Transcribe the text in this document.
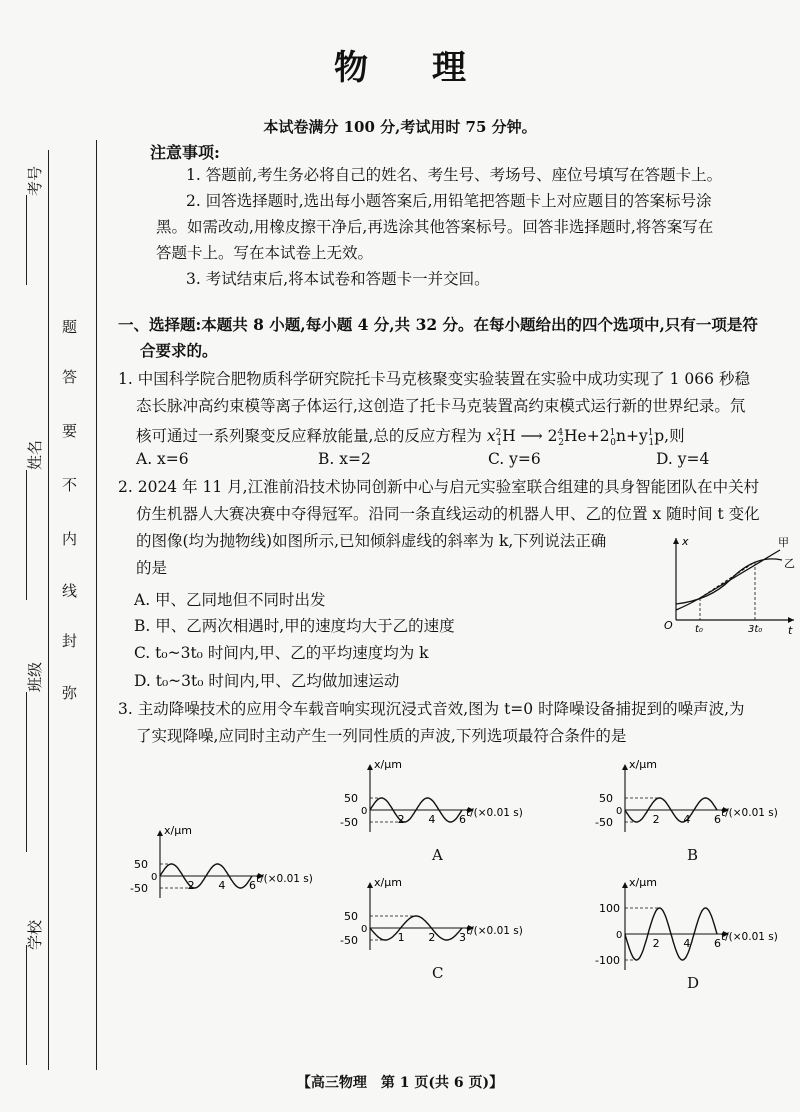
考号
姓名
班级
学校
题
答
要
不
内
线
封
弥
物 理
本试卷满分 100 分,考试用时 75 分钟。
注意事项:
1. 答题前,考生务必将自己的姓名、考生号、考场号、座位号填写在答题卡上。
2. 回答选择题时,选出每小题答案后,用铅笔把答题卡上对应题目的答案标号涂
黑。如需改动,用橡皮擦干净后,再选涂其他答案标号。回答非选择题时,将答案写在
答题卡上。写在本试卷上无效。
3. 考试结束后,将本试卷和答题卡一并交回。
一、选择题:本题共 8 小题,每小题 4 分,共 32 分。在每小题给出的四个选项中,只有一项是符
合要求的。
1. 中国科学院合肥物质科学研究院托卡马克核聚变实验装置在实验中成功实现了 1 066 秒稳
态长脉冲高约束模等离子体运行,这创造了托卡马克装置高约束模式运行新的世界纪录。氘
核可通过一系列聚变反应释放能量,总的反应方程为 $x^2_1H$ ⟶ $2^4_2He+2^1_0n+y^1_1p$,则
A. x=6	B. x=2	C. y=6	D. y=4
2. 2024 年 11 月,江淮前沿技术协同创新中心与启元实验室联合组建的具身智能团队在中关村
仿生机器人大赛决赛中夺得冠军。沿同一条直线运动的机器人甲、乙的位置 x 随时间 t 变化
的图像(均为抛物线)如图所示,已知倾斜虚线的斜率为 k,下列说法正确
的是
A. 甲、乙同地但不同时出发
B. 甲、乙两次相遇时,甲的速度均大于乙的速度
C. t₀~3t₀ 时间内,甲、乙的平均速度均为 k
D. t₀~3t₀ 时间内,甲、乙均做加速运动
x
t
O
甲
乙
t₀	3t₀
3. 主动降噪技术的应用令车载音响实现沉浸式音效,图为 t=0 时降噪设备捕捉到的噪声波,为
了实现降噪,应同时主动产生一列同性质的声波,下列选项最符合条件的是
x/μm
t/(×0.01 s)
50
-50	2 4 6
0
x/μm
t/(×0.01 s)
50
-50	2 4 6
0
A
x/μm
t/(×0.01 s)
50
-50	2 4 6
0
B
x/μm
t/(×0.01 s)
50
-50	1 2 3
0
C
x/μm
t/(×0.01 s)
100
-100
2 4 6
0
D
【高三物理　第 1 页(共 6 页)】
